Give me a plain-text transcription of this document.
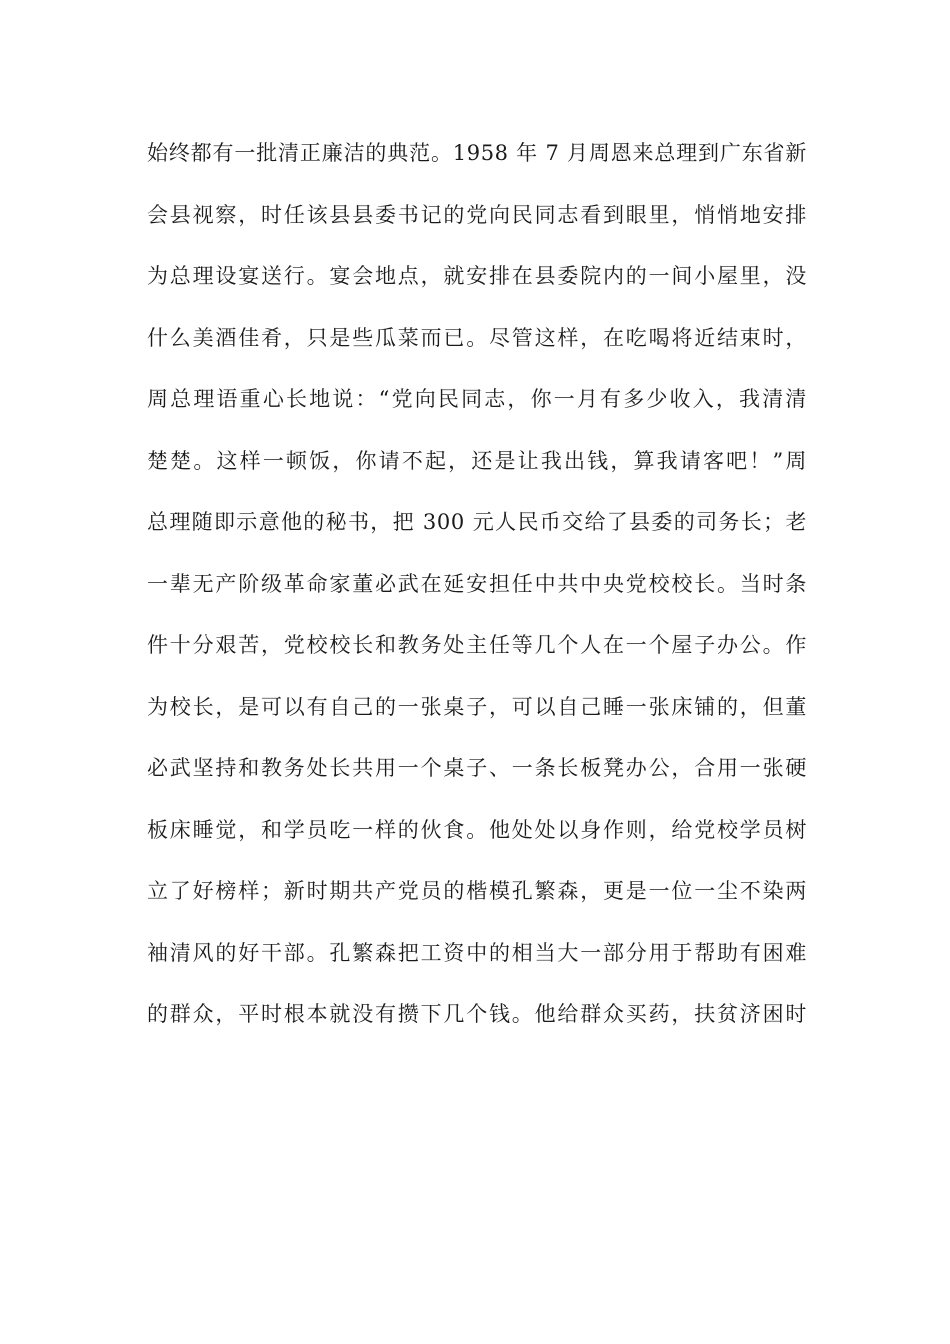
始终都有一批清正廉洁的典范。1958 年 7 月周恩来总理到广东省新
会县视察，时任该县县委书记的党向民同志看到眼里，悄悄地安排
为总理设宴送行。宴会地点，就安排在县委院内的一间小屋里，没
什么美酒佳肴，只是些瓜菜而已。尽管这样，在吃喝将近结束时，
周总理语重心长地说：“党向民同志，你一月有多少收入，我清清
楚楚。这样一顿饭，你请不起，还是让我出钱，算我请客吧！”周
总理随即示意他的秘书，把 300 元人民币交给了县委的司务长；老
一辈无产阶级革命家董必武在延安担任中共中央党校校长。当时条
件十分艰苦，党校校长和教务处主任等几个人在一个屋子办公。作
为校长，是可以有自己的一张桌子，可以自己睡一张床铺的，但董
必武坚持和教务处长共用一个桌子、一条长板凳办公，合用一张硬
板床睡觉，和学员吃一样的伙食。他处处以身作则，给党校学员树
立了好榜样；新时期共产党员的楷模孔繁森，更是一位一尘不染两
袖清风的好干部。孔繁森把工资中的相当大一部分用于帮助有困难
的群众，平时根本就没有攒下几个钱。他给群众买药，扶贫济困时
